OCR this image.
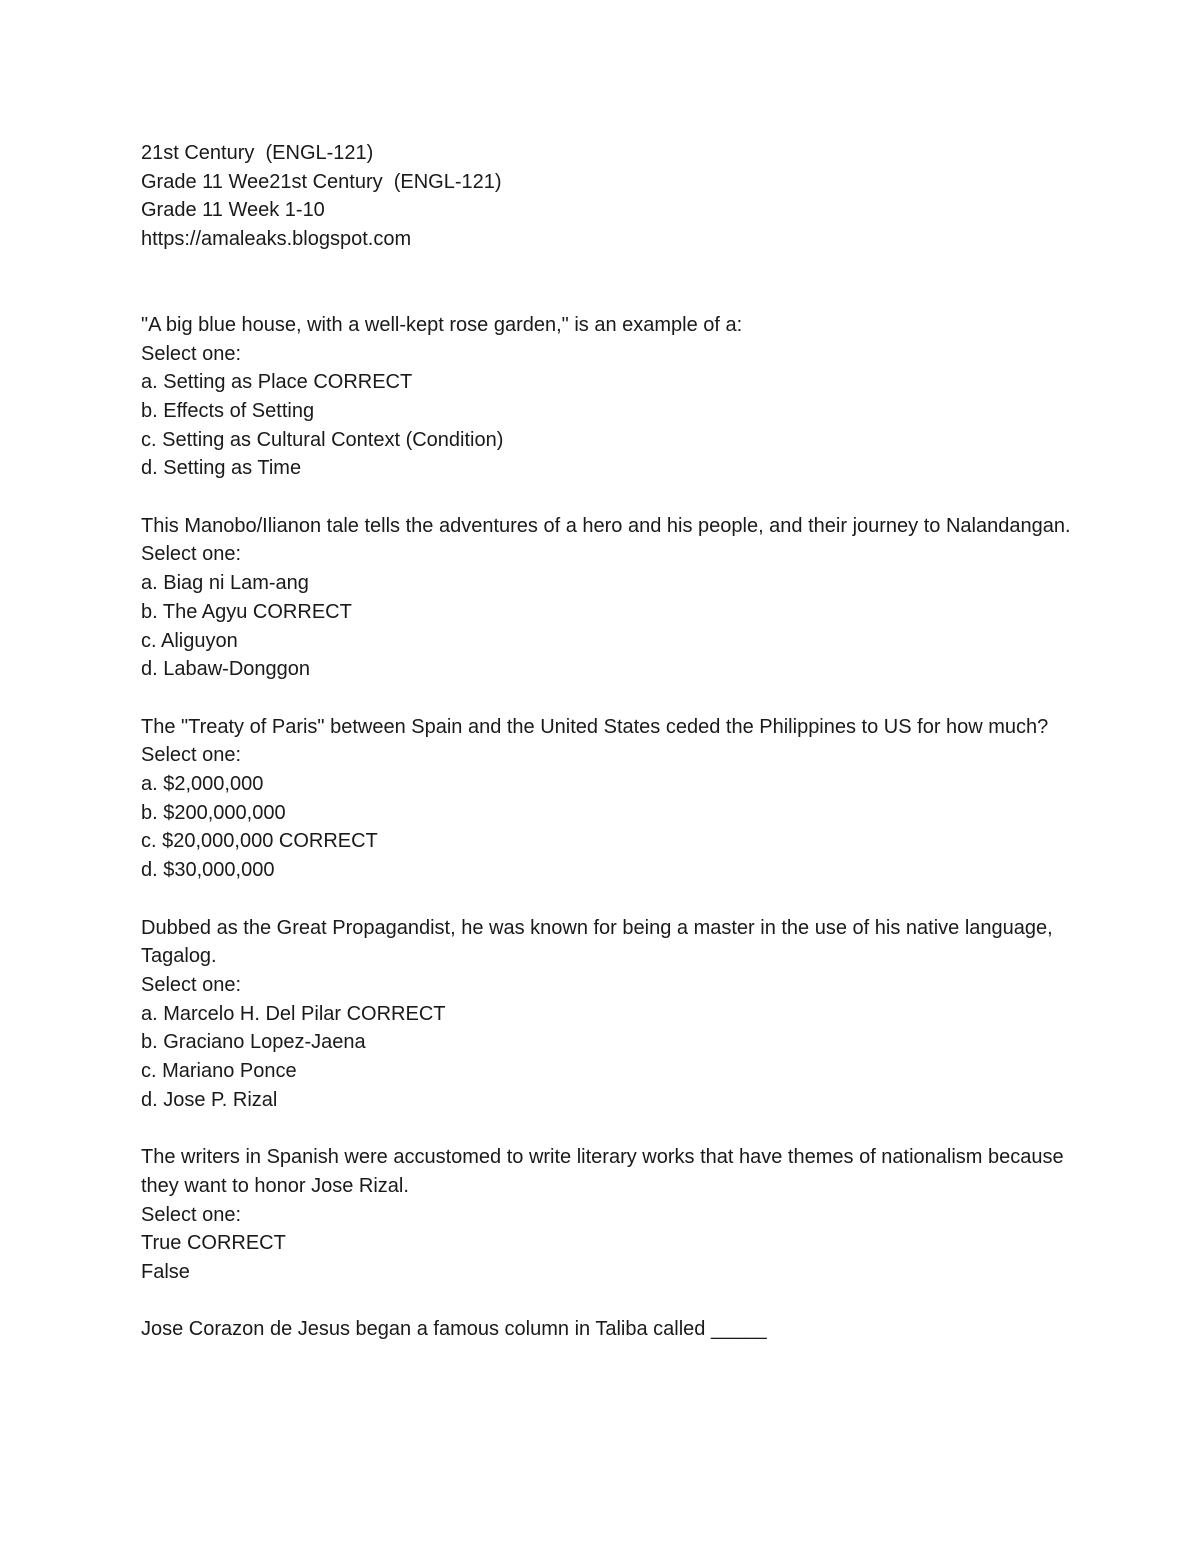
21st Century  (ENGL-121)
Grade 11 Wee21st Century  (ENGL-121)
Grade 11 Week 1-10
https://amaleaks.blogspot.com
"A big blue house, with a well-kept rose garden," is an example of a:
Select one:
a. Setting as Place CORRECT
b. Effects of Setting
c. Setting as Cultural Context (Condition)
d. Setting as Time
This Manobo/Ilianon tale tells the adventures of a hero and his people, and their journey to Nalandangan.
Select one:
a. Biag ni Lam-ang
b. The Agyu CORRECT
c. Aliguyon
d. Labaw-Donggon
The "Treaty of Paris" between Spain and the United States ceded the Philippines to US for how much?
Select one:
a. $2,000,000
b. $200,000,000
c. $20,000,000 CORRECT
d. $30,000,000
Dubbed as the Great Propagandist, he was known for being a master in the use of his native language, Tagalog.
Select one:
a. Marcelo H. Del Pilar CORRECT
b. Graciano Lopez-Jaena
c. Mariano Ponce
d. Jose P. Rizal
The writers in Spanish were accustomed to write literary works that have themes of nationalism because they want to honor Jose Rizal.
Select one:
True CORRECT
False
Jose Corazon de Jesus began a famous column in Taliba called _____
